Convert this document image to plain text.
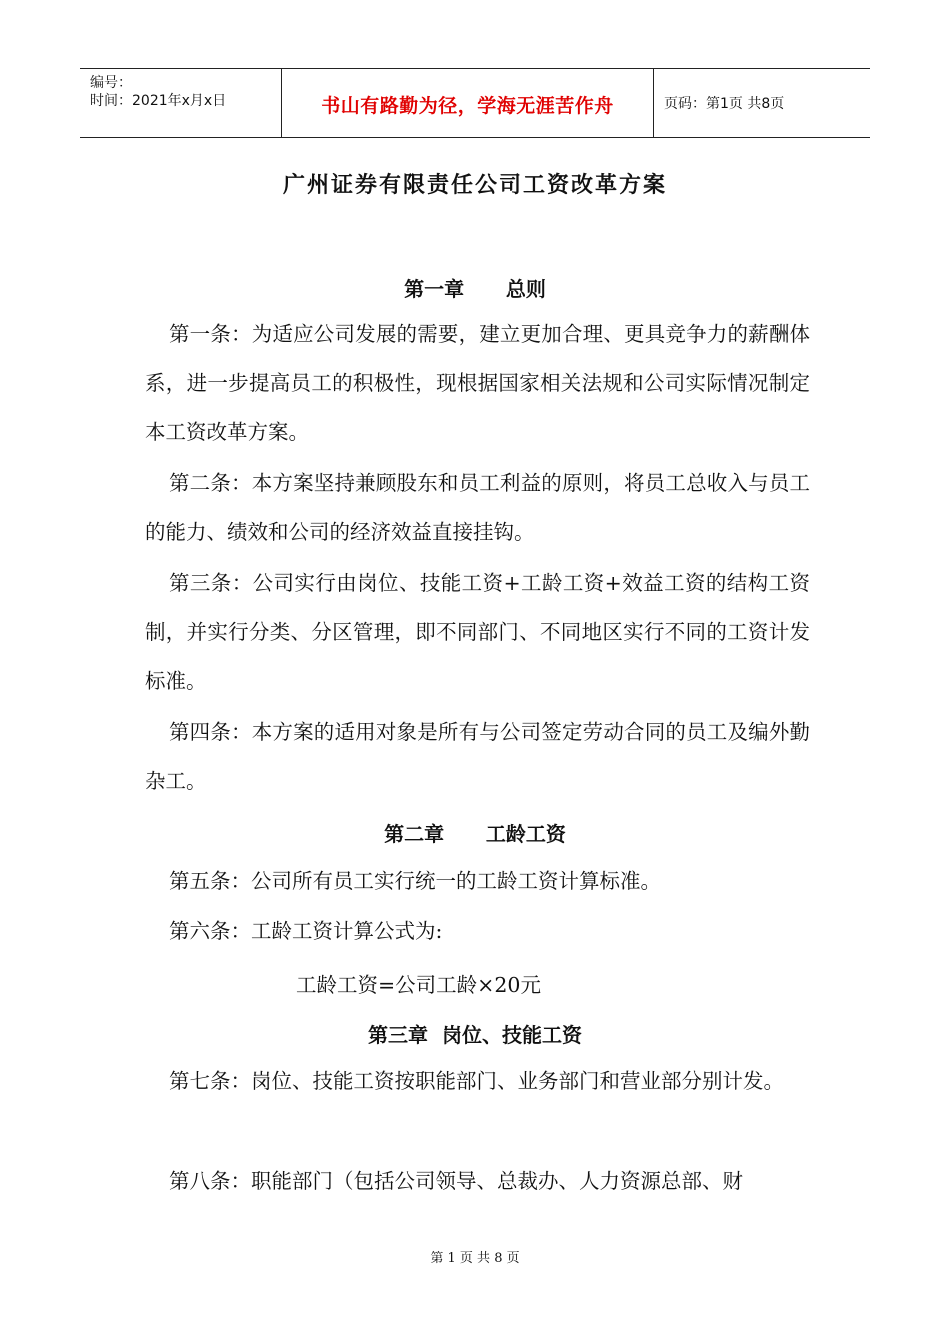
编号：
时间：2021年x月x日	书山有路勤为径，学海无涯苦作舟	页码：第1页 共8页
广州证券有限责任公司工资改革方案
第一章      总则
第一条：为适应公司发展的需要，建立更加合理、更具竞争力的薪酬体系，进一步提高员工的积极性，现根据国家相关法规和公司实际情况制定本工资改革方案。
第二条：本方案坚持兼顾股东和员工利益的原则，将员工总收入与员工的能力、绩效和公司的经济效益直接挂钩。
第三条：公司实行由岗位、技能工资+工龄工资+效益工资的结构工资制，并实行分类、分区管理，即不同部门、不同地区实行不同的工资计发标准。
第四条：本方案的适用对象是所有与公司签定劳动合同的员工及编外勤杂工。
第二章      工龄工资
第五条：公司所有员工实行统一的工龄工资计算标准。
第六条：工龄工资计算公式为:
工龄工资=公司工龄×20元
第三章  岗位、技能工资
第七条：岗位、技能工资按职能部门、业务部门和营业部分别计发。
第八条：职能部门（包括公司领导、总裁办、人力资源总部、财
第 1 页 共 8 页
